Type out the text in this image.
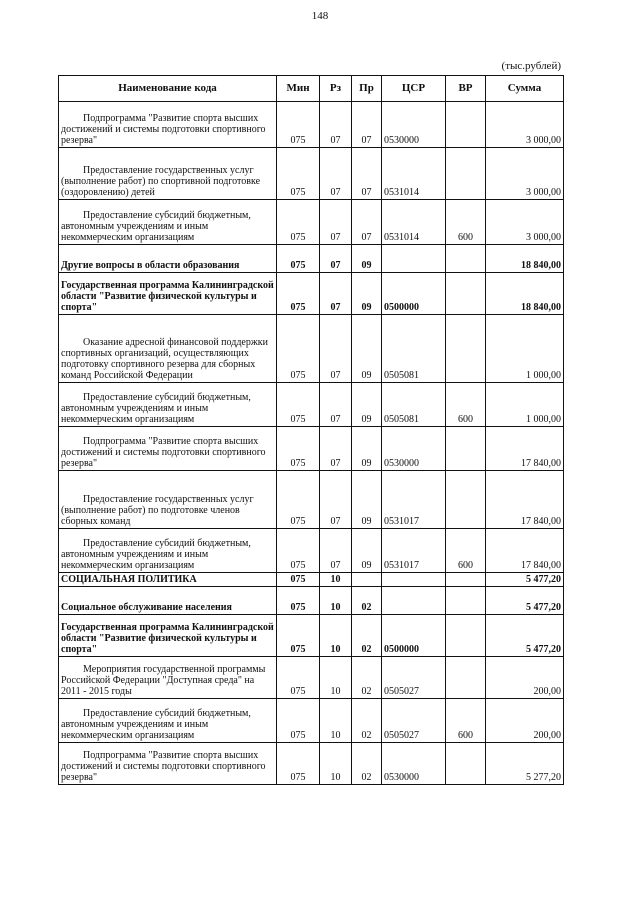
148
(тыс.рублей)
Наименование кода	Мин	Рз	Пр	ЦСР	ВР	Сумма
Подпрограмма "Развитие спорта высших достижений и системы подготовки спортивного резерва"	075	07	07	0530000		3 000,00
Предоставление государственных услуг (выполнение работ) по спортивной подготовке (оздоровлению) детей	075	07	07	0531014		3 000,00
Предоставление субсидий бюджетным, автономным учреждениям и иным некоммерческим организациям	075	07	07	0531014	600	3 000,00
Другие вопросы в области образования	075	07	09			18 840,00
Государственная программа Калининградской области "Развитие физической культуры и спорта"	075	07	09	0500000		18 840,00
Оказание адресной финансовой поддержки спортивных организаций, осуществляющих подготовку спортивного резерва для сборных команд Российской Федерации	075	07	09	0505081		1 000,00
Предоставление субсидий бюджетным, автономным учреждениям и иным некоммерческим организациям	075	07	09	0505081	600	1 000,00
Подпрограмма "Развитие спорта высших достижений и системы подготовки спортивного резерва"	075	07	09	0530000		17 840,00
Предоставление государственных услуг (выполнение работ) по подготовке членов сборных команд	075	07	09	0531017		17 840,00
Предоставление субсидий бюджетным, автономным учреждениям и иным некоммерческим организациям	075	07	09	0531017	600	17 840,00
СОЦИАЛЬНАЯ ПОЛИТИКА	075	10				5 477,20
Социальное обслуживание населения	075	10	02			5 477,20
Государственная программа Калининградской области "Развитие физической культуры и спорта"	075	10	02	0500000		5 477,20
Мероприятия государственной программы Российской Федерации "Доступная среда" на 2011 - 2015 годы	075	10	02	0505027		200,00
Предоставление субсидий бюджетным, автономным учреждениям и иным некоммерческим организациям	075	10	02	0505027	600	200,00
Подпрограмма "Развитие спорта высших достижений и системы подготовки спортивного резерва"	075	10	02	0530000		5 277,20
